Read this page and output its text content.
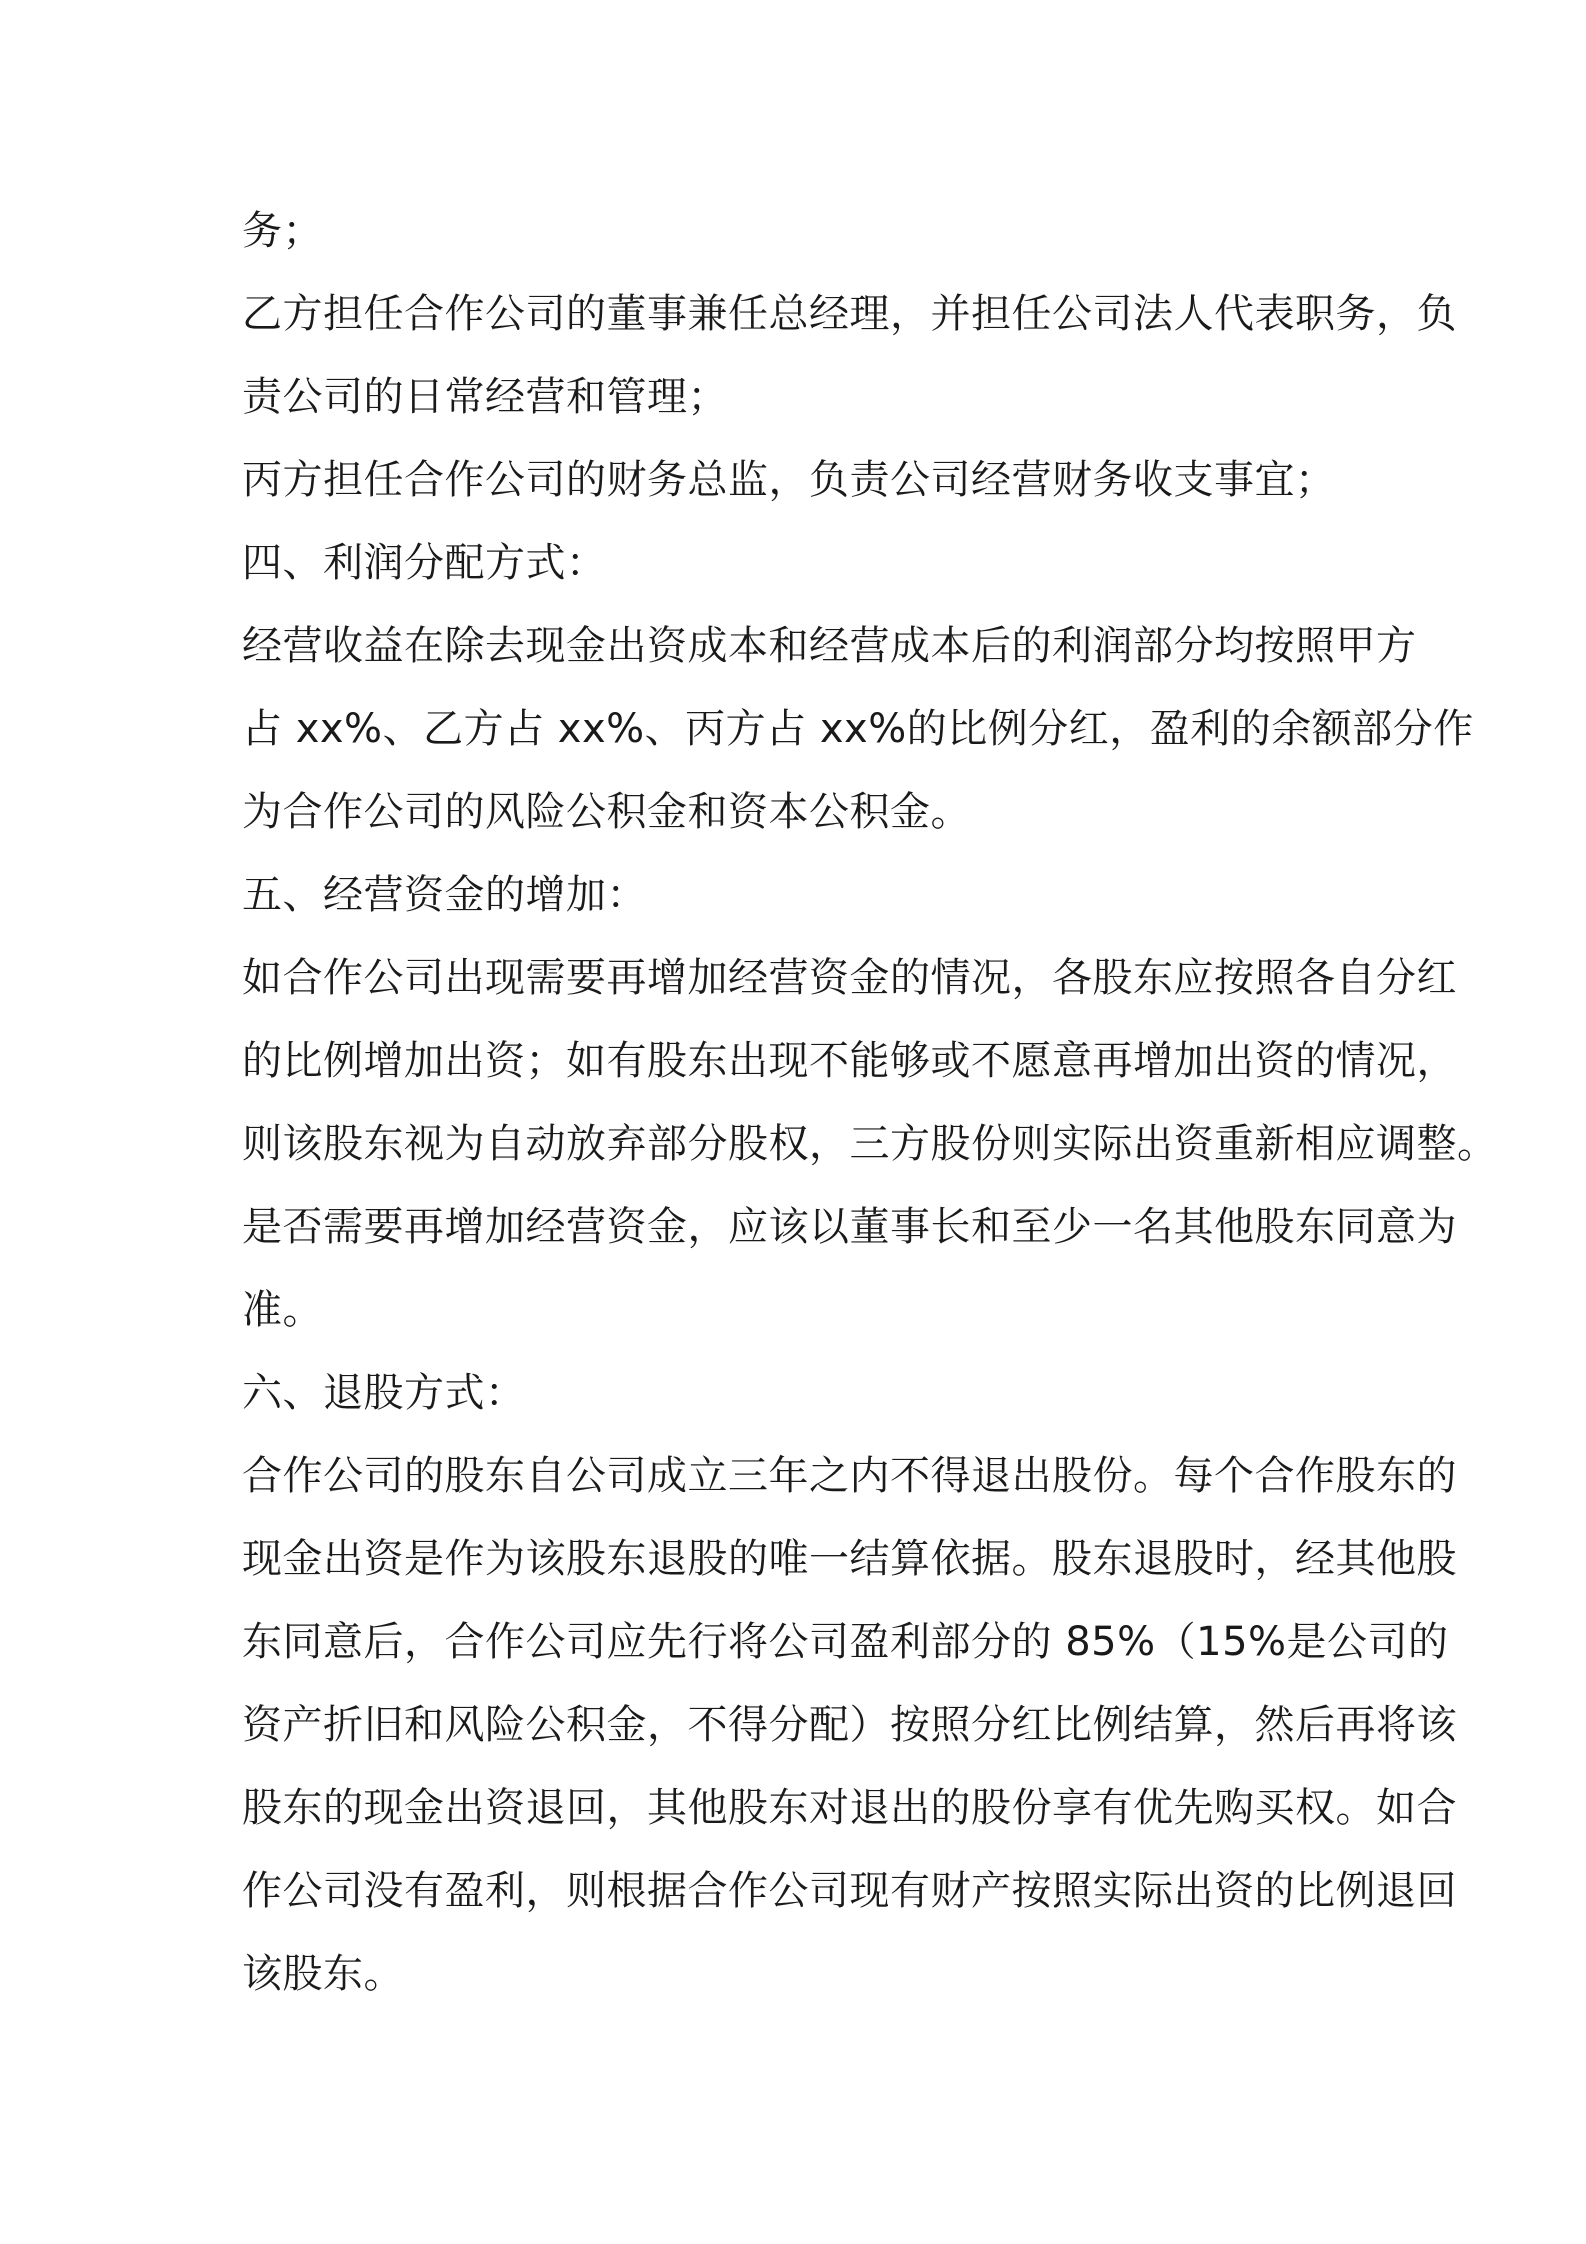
务；
乙方担任合作公司的董事兼任总经理，并担任公司法人代表职务，负
责公司的日常经营和管理；
丙方担任合作公司的财务总监，负责公司经营财务收支事宜；
四、利润分配方式：
经营收益在除去现金出资成本和经营成本后的利润部分均按照甲方
占 xx%、乙方占 xx%、丙方占 xx%的比例分红，盈利的余额部分作
为合作公司的风险公积金和资本公积金。
五、经营资金的增加：
如合作公司出现需要再增加经营资金的情况，各股东应按照各自分红
的比例增加出资；如有股东出现不能够或不愿意再增加出资的情况，
则该股东视为自动放弃部分股权，三方股份则实际出资重新相应调整。
是否需要再增加经营资金，应该以董事长和至少一名其他股东同意为
准。
六、退股方式：
合作公司的股东自公司成立三年之内不得退出股份。每个合作股东的
现金出资是作为该股东退股的唯一结算依据。股东退股时，经其他股
东同意后，合作公司应先行将公司盈利部分的 85%（15%是公司的
资产折旧和风险公积金，不得分配）按照分红比例结算，然后再将该
股东的现金出资退回，其他股东对退出的股份享有优先购买权。如合
作公司没有盈利，则根据合作公司现有财产按照实际出资的比例退回
该股东。
